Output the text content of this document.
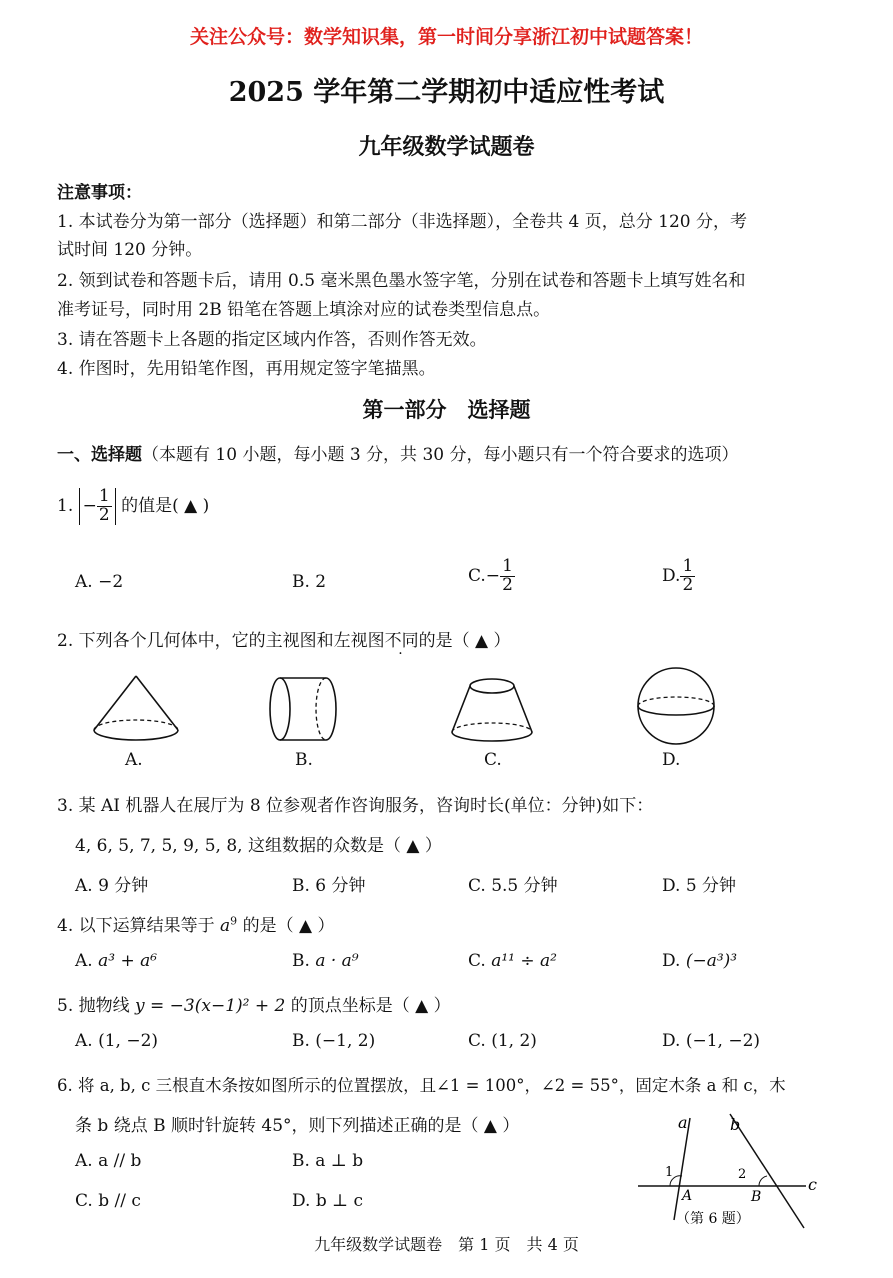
关注公众号：数学知识集，第一时间分享浙江初中试题答案！
2025 学年第二学期初中适应性考试
九年级数学试题卷
注意事项：
1. 本试卷分为第一部分（选择题）和第二部分（非选择题），全卷共 4 页，总分 120 分，考
试时间 120 分钟。
2. 领到试卷和答题卡后，请用 0.5 毫米黑色墨水签字笔，分别在试卷和答题卡上填写姓名和
准考证号，同时用 2B 铅笔在答题上填涂对应的试卷类型信息点。
3. 请在答题卡上各题的指定区域内作答，否则作答无效。
4. 作图时，先用铅笔作图，再用规定签字笔描黑。
第一部分　选择题
一、选择题（本题有 10 小题，每小题 3 分，共 30 分，每小题只有一个符合要求的选项）
1. − $\frac{1}{2}$ 的值是( ▲ )
A. −2	B. 2	$C.- \frac{1}{2}$	D. $\frac{1}{2}$
2. 下列各个几何体中，它的主视图和左视图不同的是（ ▲ ）
A.	B.	C.	D.
3. 某 AI 机器人在展厅为 8 位参观者作咨询服务，咨询时长(单位：分钟)如下：
4, 6, 5, 7, 5, 9, 5, 8, 这组数据的众数是（ ▲ ）
A. 9 分钟	B. 6 分钟	C. 5.5 分钟	D. 5 分钟
4. 以下运算结果等于 $a^9$ 的是（ ▲ ）
A. a³ + a⁶	B. a · a⁹	C. a¹¹ ÷ a²	D. (−a³)³
5. 抛物线 y = −3(x−1)² + 2 的顶点坐标是（ ▲ ）
A. (1, −2)	B. (−1, 2)	C. (1, 2)	D. (−1, −2)
6. 将 a, b, c 三根直木条按如图所示的位置摆放，且∠1 = 100°，∠2 = 55°，固定木条 a 和 c，木
条 b 绕点 B 顺时针旋转 45°，则下列描述正确的是（ ▲ ）
A. a // b	B. a ⊥ b
C. b // c	D. b ⊥ c
a	b
c
1	2
A	B
（第 6 题）
九年级数学试题卷　第 1 页　共 4 页
